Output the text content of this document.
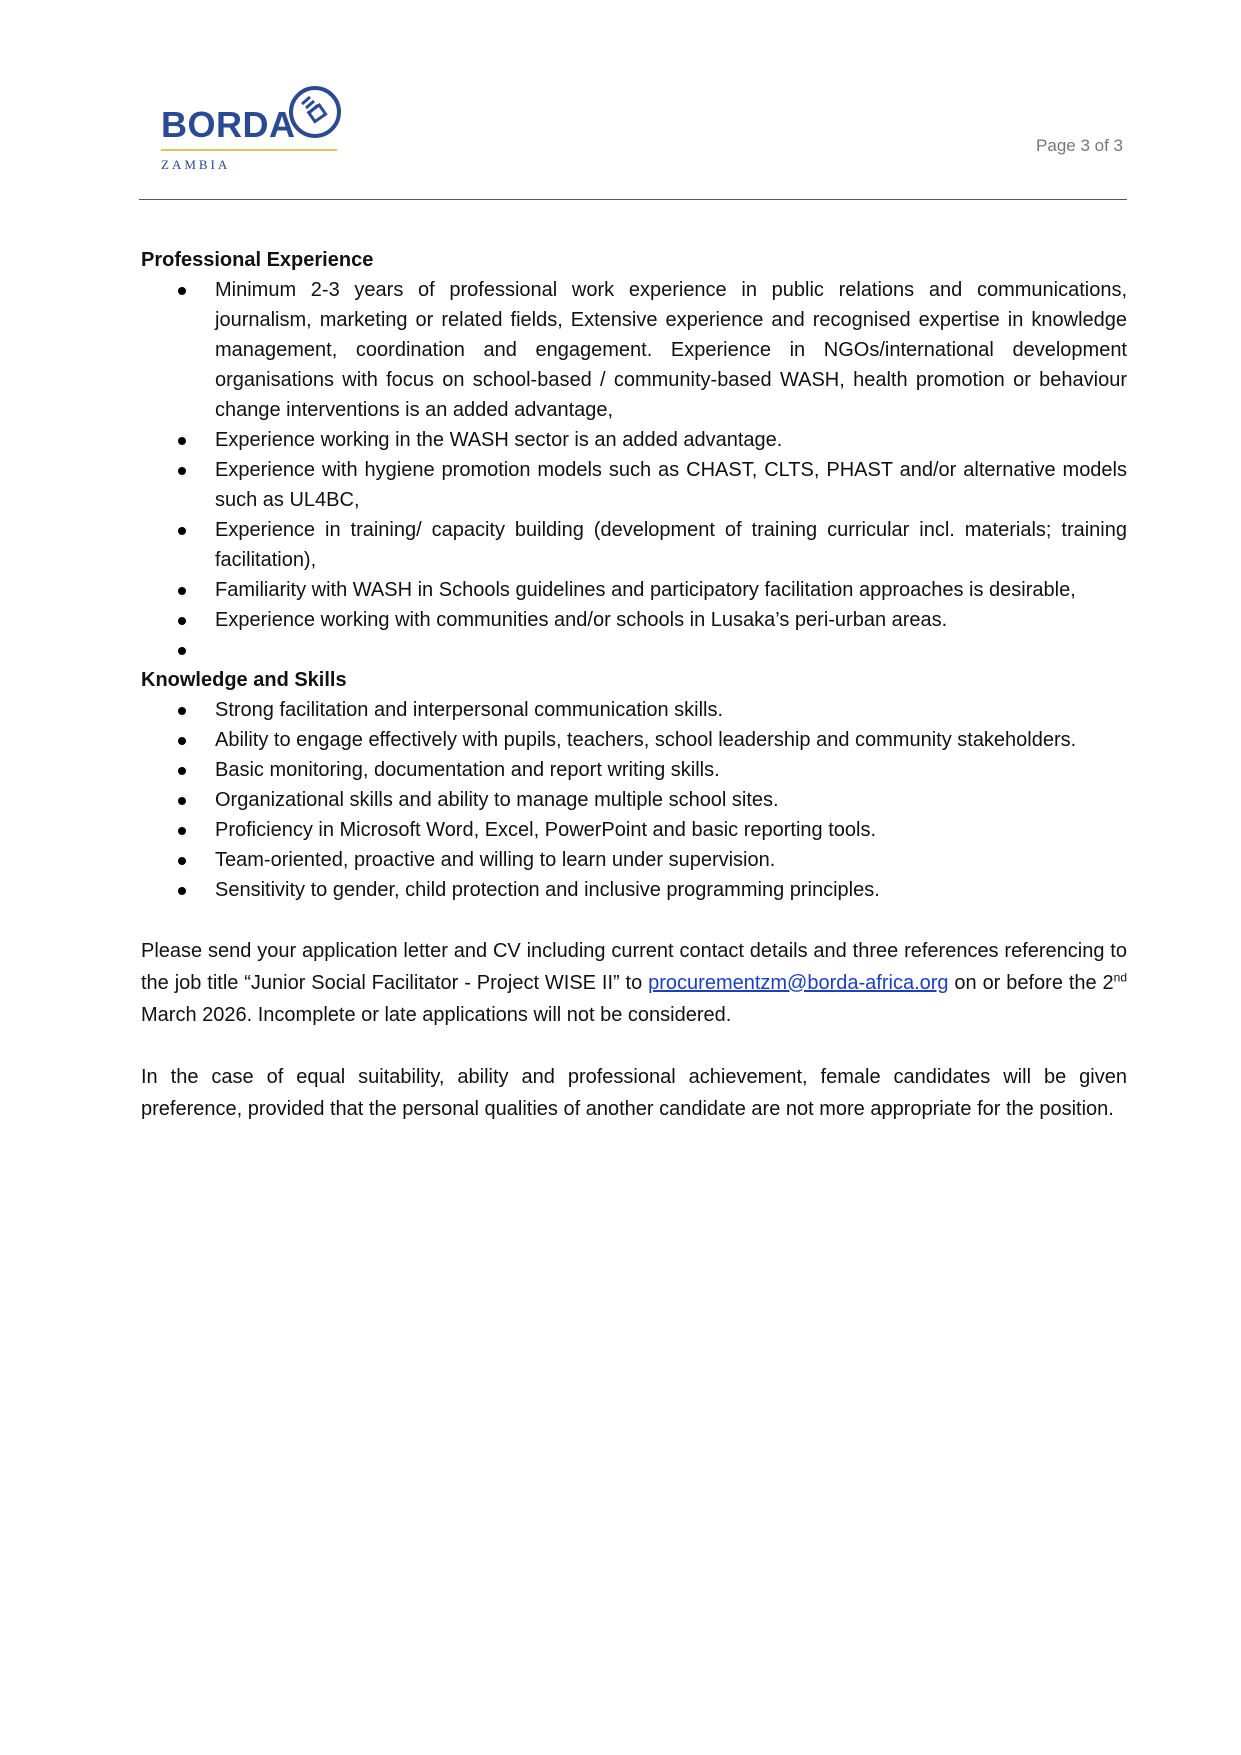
BORDA
ZAMBIA
Page 3 of 3

Professional Experience

Minimum 2-3 years of professional work experience in public relations and communications, journalism, marketing or related fields, Extensive experience and recognised expertise in knowledge management, coordination and engagement. Experience in NGOs/international development organisations with focus on school-based / community-based WASH, health promotion or behaviour change interventions is an added advantage,
Experience working in the WASH sector is an added advantage.
Experience with hygiene promotion models such as CHAST, CLTS, PHAST and/or alternative models such as UL4BC,
Experience in training/ capacity building (development of training curricular incl. materials; training facilitation),
Familiarity with WASH in Schools guidelines and participatory facilitation approaches is desirable,
Experience working with communities and/or schools in Lusaka’s peri-urban areas.

Knowledge and Skills

Strong facilitation and interpersonal communication skills.
Ability to engage effectively with pupils, teachers, school leadership and community stakeholders.
Basic monitoring, documentation and report writing skills.
Organizational skills and ability to manage multiple school sites.
Proficiency in Microsoft Word, Excel, PowerPoint and basic reporting tools.
Team-oriented, proactive and willing to learn under supervision.
Sensitivity to gender, child protection and inclusive programming principles.

Please send your application letter and CV including current contact details and three references referencing to the job title “Junior Social Facilitator - Project WISE II” to procurementzm@borda-africa.org on or before the 2nd March 2026. Incomplete or late applications will not be considered.

In the case of equal suitability, ability and professional achievement, female candidates will be given preference, provided that the personal qualities of another candidate are not more appropriate for the position.
